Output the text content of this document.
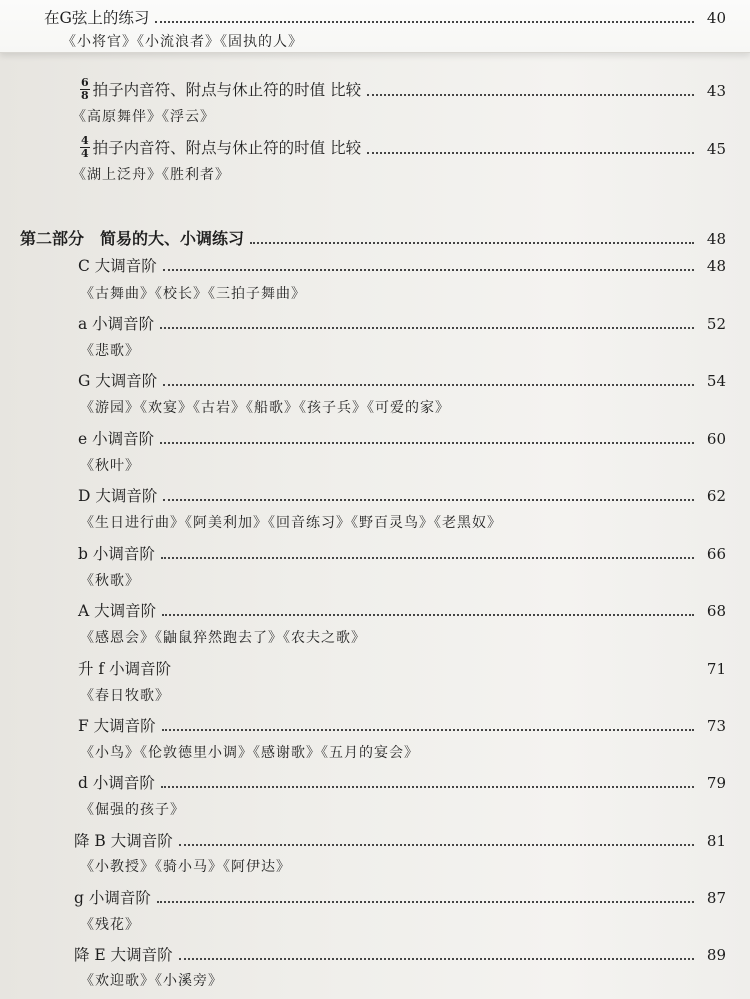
在G弦上的练习	40
《小将官》《小流浪者》《固执的人》
$\frac{6}{8}$ 拍子内音符、附点与休止符的时值 比较	43
《高原舞伴》《浮云》
$\frac{4}{4}$ 拍子内音符、附点与休止符的时值 比较	45
《湖上泛舟》《胜利者》
第二部分　简易的大、小调练习	48
C 大调音阶	48
《古舞曲》《校长》《三拍子舞曲》
a 小调音阶	52
《悲歌》
G 大调音阶	54
《游园》《欢宴》《古岩》《船歌》《孩子兵》《可爱的家》
e 小调音阶	60
《秋叶》
D 大调音阶	62
《生日进行曲》《阿美利加》《回音练习》《野百灵鸟》《老黑奴》
b 小调音阶	66
《秋歌》
A 大调音阶	68
《感恩会》《鼬鼠猝然跑去了》《农夫之歌》
升 f 小调音阶	71
《春日牧歌》
F 大调音阶	73
《小鸟》《伦敦德里小调》《感谢歌》《五月的宴会》
d 小调音阶	79
《倔强的孩子》
降 B 大调音阶	81
《小教授》《骑小马》《阿伊达》
g 小调音阶	87
《残花》
降 E 大调音阶	89
《欢迎歌》《小溪旁》
